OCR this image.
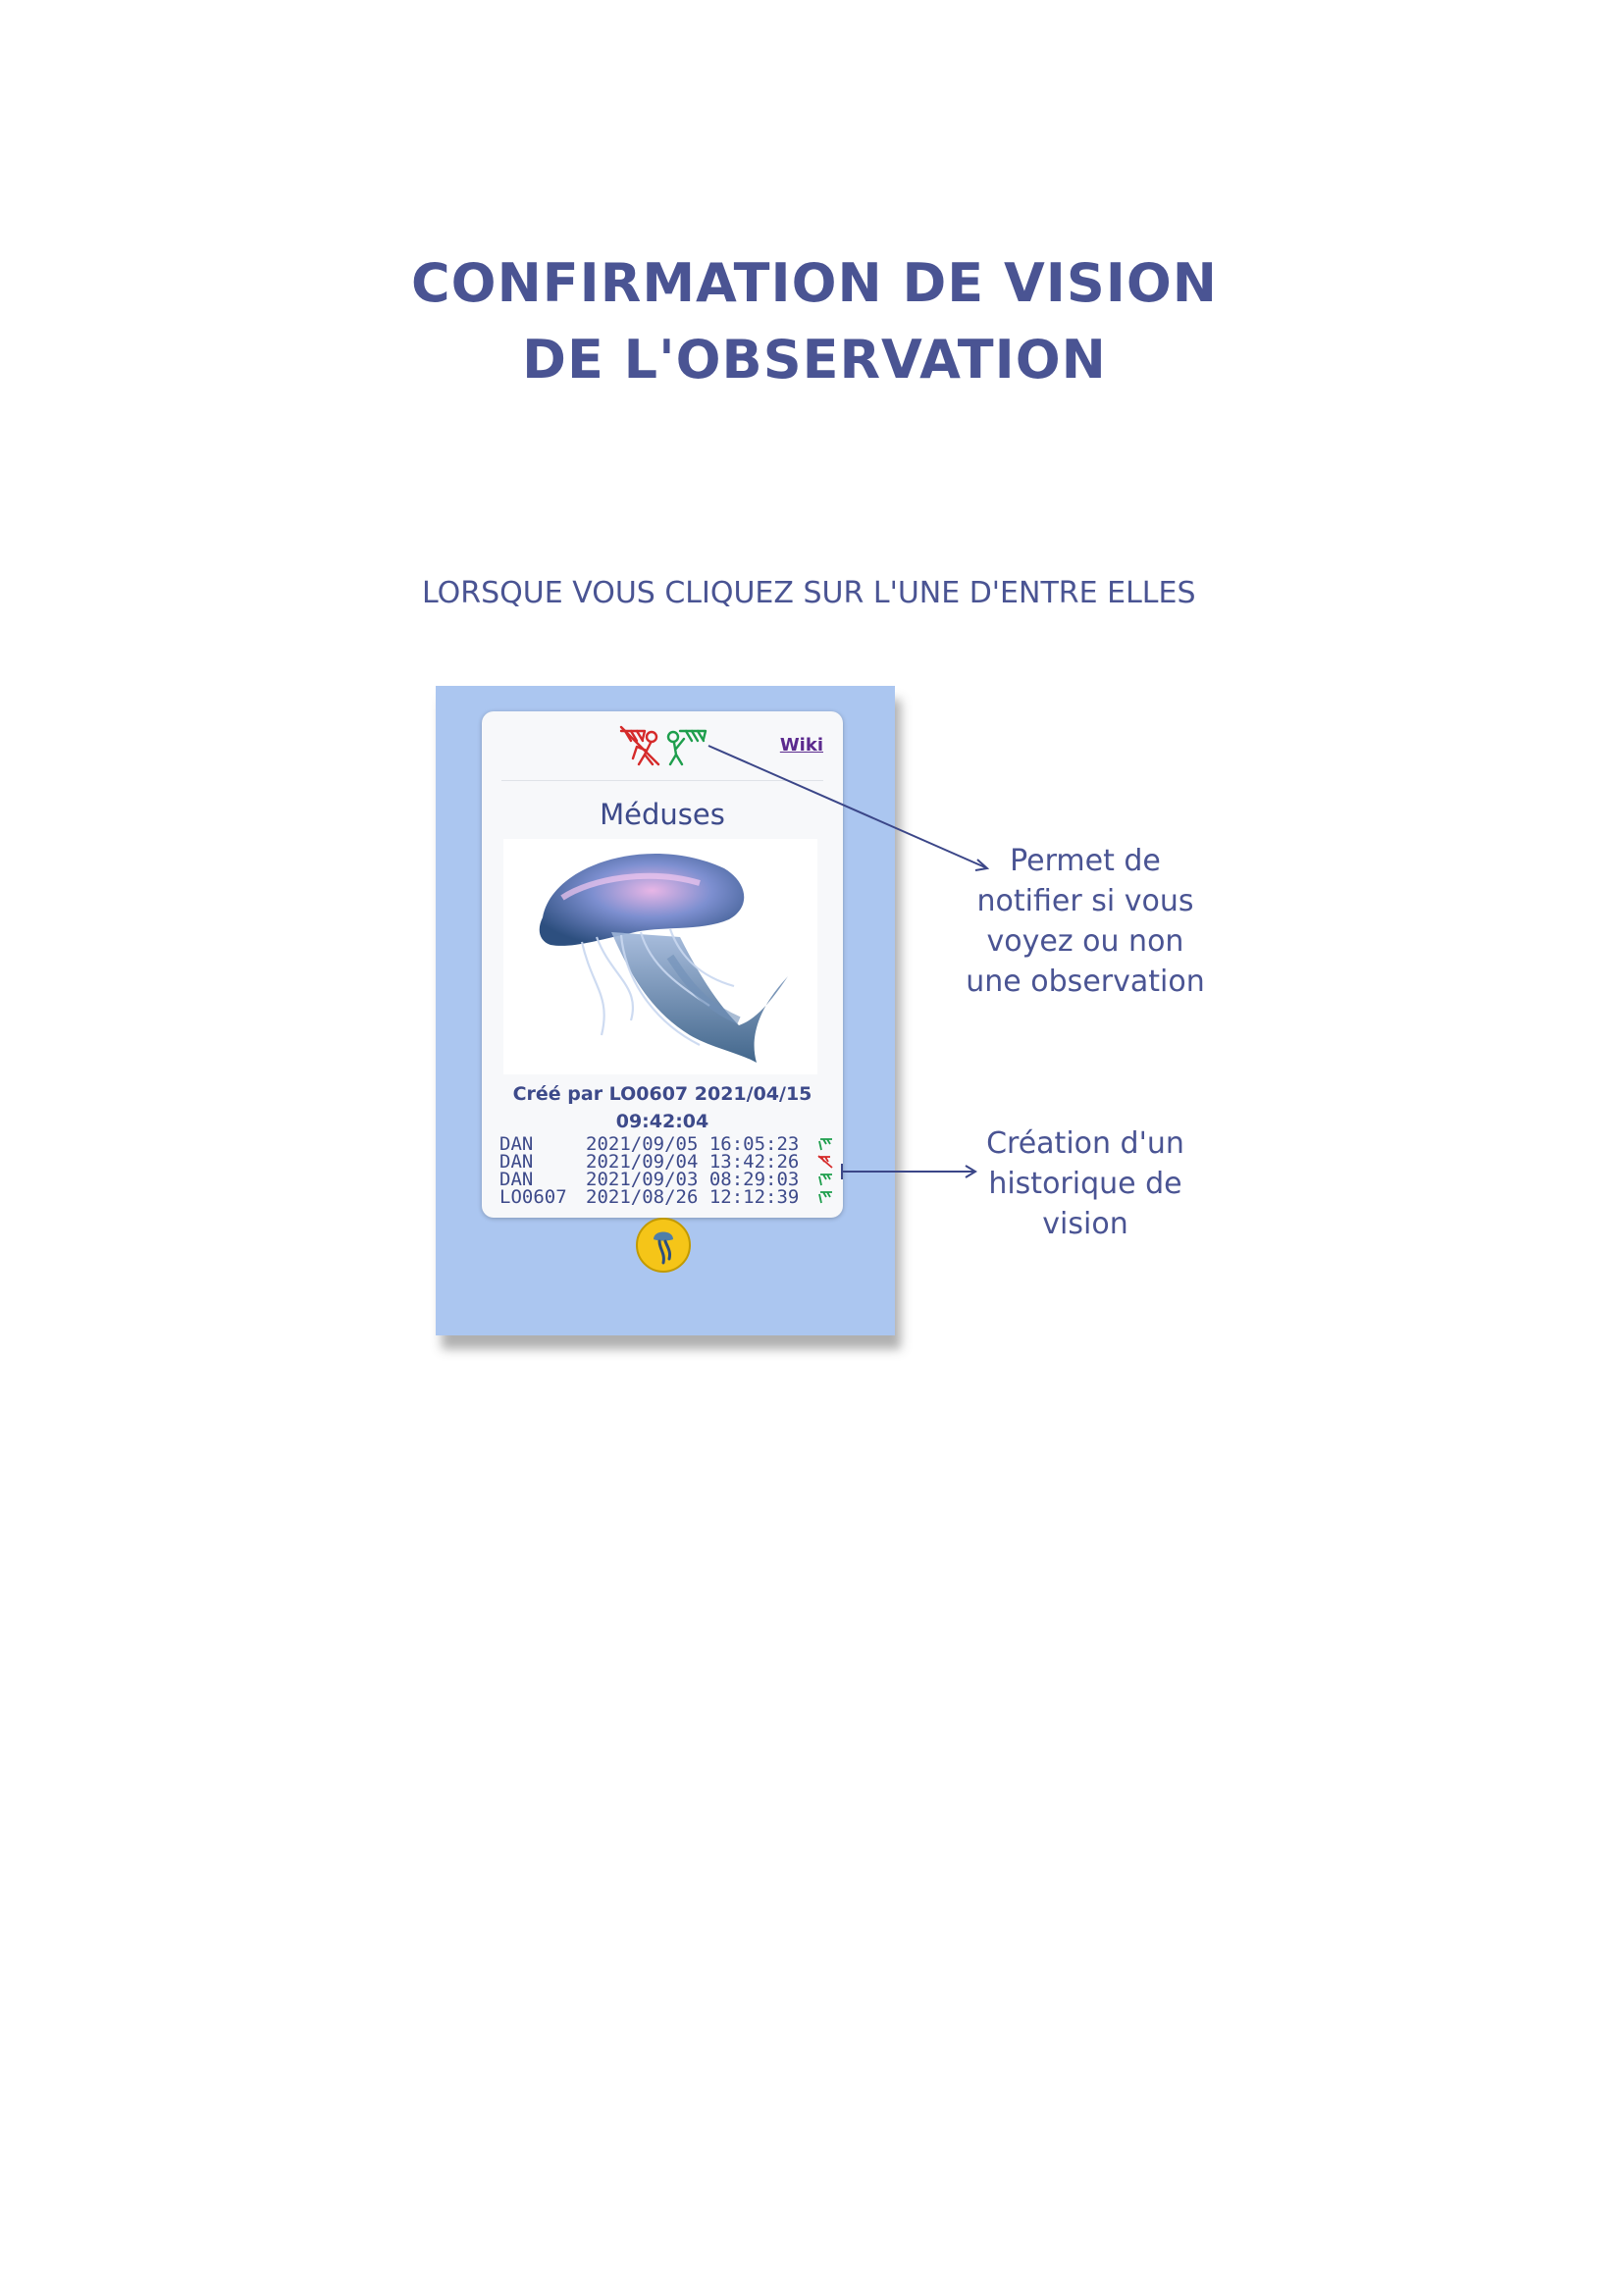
CONFIRMATION DE VISION
DE L'OBSERVATION
LORSQUE VOUS CLIQUEZ SUR L'UNE D'ENTRE ELLES
Wiki
Méduses
Créé par LO0607 2021/04/15
09:42:04
DAN	2021/09/05 16:05:23
DAN	2021/09/04 13:42:26
DAN	2021/09/03 08:29:03
LO0607	2021/08/26 12:12:39
Permet de
notifier si vous
voyez ou non
une observation
Création d'un
historique de
vision
